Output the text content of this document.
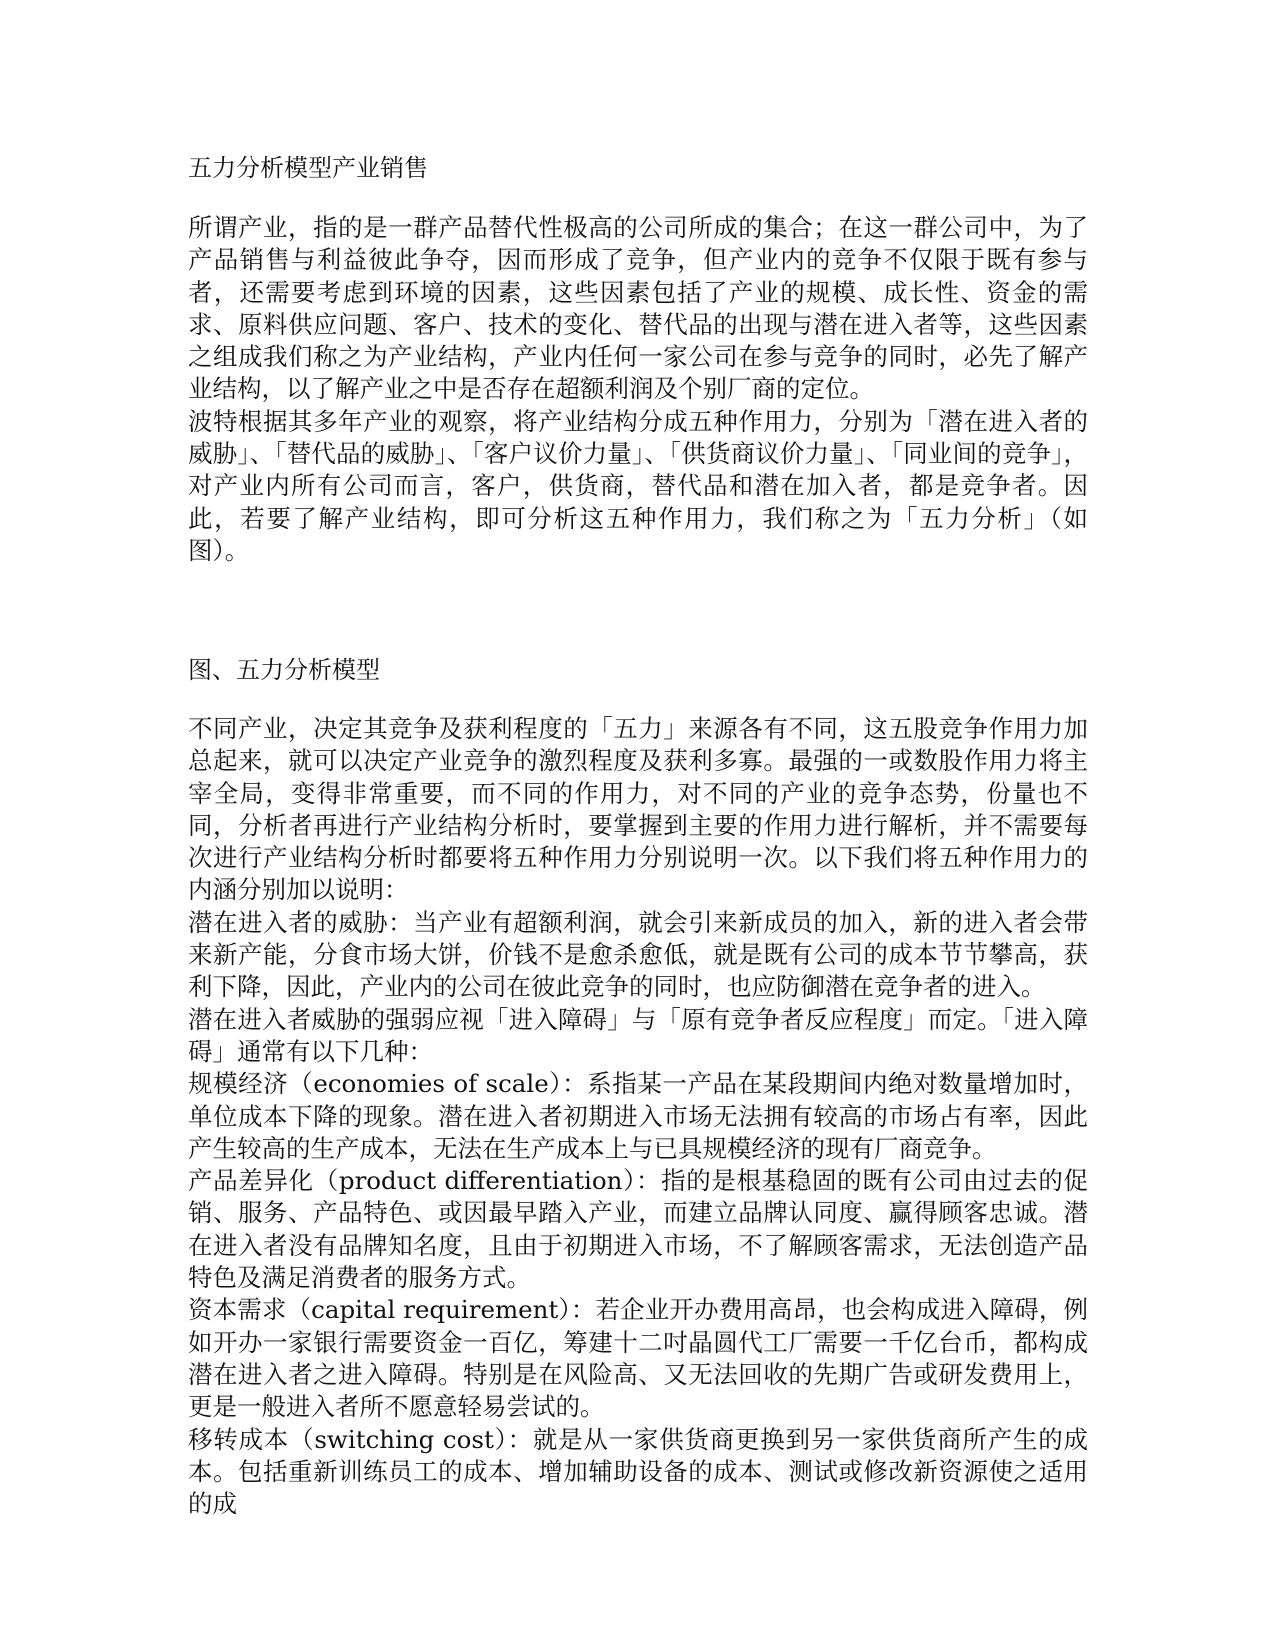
五力分析模型产业销售

所谓产业，指的是一群产品替代性极高的公司所成的集合；在这一群公司中，为了产品销售与利益彼此争夺，因而形成了竞争，但产业内的竞争不仅限于既有参与者，还需要考虑到环境的因素，这些因素包括了产业的规模、成长性、资金的需求、原料供应问题、客户、技术的变化、替代品的出现与潜在进入者等，这些因素之组成我们称之为产业结构，产业内任何一家公司在参与竞争的同时，必先了解产业结构，以了解产业之中是否存在超额利润及个别厂商的定位。

波特根据其多年产业的观察，将产业结构分成五种作用力，分别为「潜在进入者的威胁」、「替代品的威胁」、「客户议价力量」、「供货商议价力量」、「同业间的竞争」，对产业内所有公司而言，客户，供货商，替代品和潜在加入者，都是竞争者。因此，若要了解产业结构，即可分析这五种作用力，我们称之为「五力分析」（如图）。

图、五力分析模型

不同产业，决定其竞争及获利程度的「五力」来源各有不同，这五股竞争作用力加总起来，就可以决定产业竞争的激烈程度及获利多寡。最强的一或数股作用力将主宰全局，变得非常重要，而不同的作用力，对不同的产业的竞争态势，份量也不同，分析者再进行产业结构分析时，要掌握到主要的作用力进行解析，并不需要每次进行产业结构分析时都要将五种作用力分别说明一次。以下我们将五种作用力的内涵分别加以说明：

潜在进入者的威胁：当产业有超额利润，就会引来新成员的加入，新的进入者会带来新产能，分食市场大饼，价钱不是愈杀愈低，就是既有公司的成本节节攀高，获利下降，因此，产业内的公司在彼此竞争的同时，也应防御潜在竞争者的进入。

潜在进入者威胁的强弱应视「进入障碍」与「原有竞争者反应程度」而定。「进入障碍」通常有以下几种：

规模经济（economies of scale）：系指某一产品在某段期间内绝对数量增加时，单位成本下降的现象。潜在进入者初期进入市场无法拥有较高的市场占有率，因此产生较高的生产成本，无法在生产成本上与已具规模经济的现有厂商竞争。

产品差异化（product differentiation）：指的是根基稳固的既有公司由过去的促销、服务、产品特色、或因最早踏入产业，而建立品牌认同度、赢得顾客忠诚。潜在进入者没有品牌知名度，且由于初期进入市场，不了解顾客需求，无法创造产品特色及满足消费者的服务方式。

资本需求（capital requirement）：若企业开办费用高昂，也会构成进入障碍，例如开办一家银行需要资金一百亿，筹建十二吋晶圆代工厂需要一千亿台币，都构成潜在进入者之进入障碍。特别是在风险高、又无法回收的先期广告或研发费用上，更是一般进入者所不愿意轻易尝试的。

移转成本（switching cost）：就是从一家供货商更换到另一家供货商所产生的成本。包括重新训练员工的成本、增加辅助设备的成本、测试或修改新资源使之适用的成
